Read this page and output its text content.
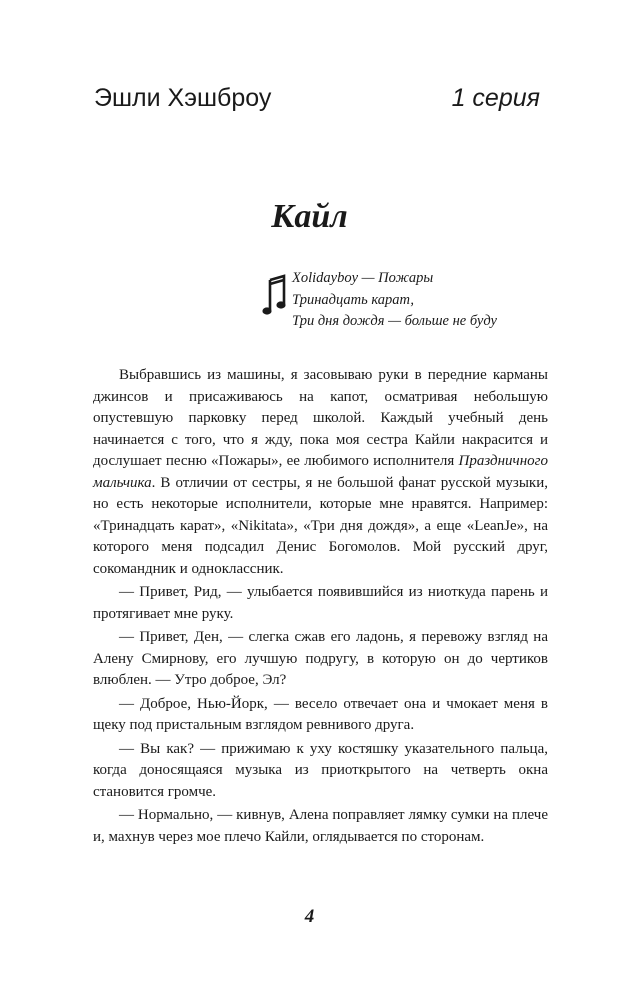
Эшли Хэшброу	1 серия
Кайл
Xolidayboy — Пожары
Тринадцать карат,
Три дня дождя — больше не буду

Выбравшись из машины, я засовываю руки в передние карманы джинсов и присаживаюсь на капот, осматривая небольшую опустевшую парковку перед школой. Каждый учебный день начинается с того, что я жду, пока моя сестра Кайли накрасится и дослушает песню «Пожары», ее любимого исполнителя Праздничного мальчика. В отличии от сестры, я не большой фанат русской музыки, но есть некоторые исполнители, которые мне нравятся. Например: «Тринадцать карат», «Nikitata», «Три дня дождя», а еще «LeanJe», на которого меня подсадил Денис Богомолов. Мой русский друг, сокомандник и одноклассник.

— Привет, Рид, — улыбается появившийся из ниоткуда парень и протягивает мне руку.

— Привет, Ден, — слегка сжав его ладонь, я перевожу взгляд на Алену Смирнову, его лучшую подругу, в которую он до чертиков влюблен. — Утро доброе, Эл?

— Доброе, Нью-Йорк, — весело отвечает она и чмокает меня в щеку под пристальным взглядом ревнивого друга.

— Вы как? — прижимаю к уху костяшку указательного пальца, когда доносящаяся музыка из приоткрытого на четверть окна становится громче.

— Нормально, — кивнув, Алена поправляет лямку сумки на плече и, махнув через мое плечо Кайли, оглядывается по сторонам.

4
